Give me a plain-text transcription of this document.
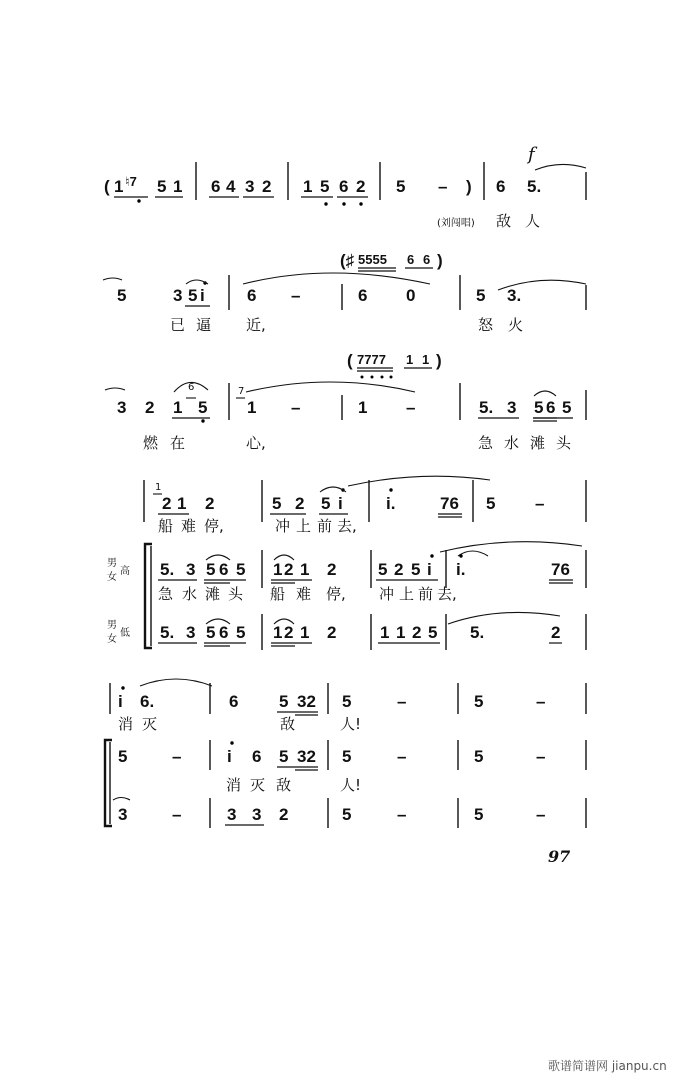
( 1 ♮7 5 1 6 4 3 2 1 5 6 2 5 – )
f
6 5.
(刘闯唱) 敌 人
(♯ 5555 6 6 )
5	3 5 i 6 –	6 0	5 3.
已 逼 近,	怒 火
( 7777 1 1 )
3 2 1
6
5
7
1 –	1 –	5. 3 5 6 5
燃 在	心,	急 水 滩 头
1
2 1 2	5 2 5 i	i.	76 5 –
船 难 停,	冲 上 前 去,
男
女
高
男
女
低
5. 3 5 6 5 1 2 1 2 5 2 5 i i.	76
急 水 滩 头 船 难 停, 冲 上 前 去,
5. 3 5 6 5 1 2 1 2	1 1 2 5 5.	2
i 6.	6 5 32 5	–	5	–
消 灭	敌	人!
5	–	i 6 5 32 5	–	5	–
消 灭 敌	人!
3	–	3 3 2	5	–	5	–
97
歌谱简谱网 jianpu.cn
